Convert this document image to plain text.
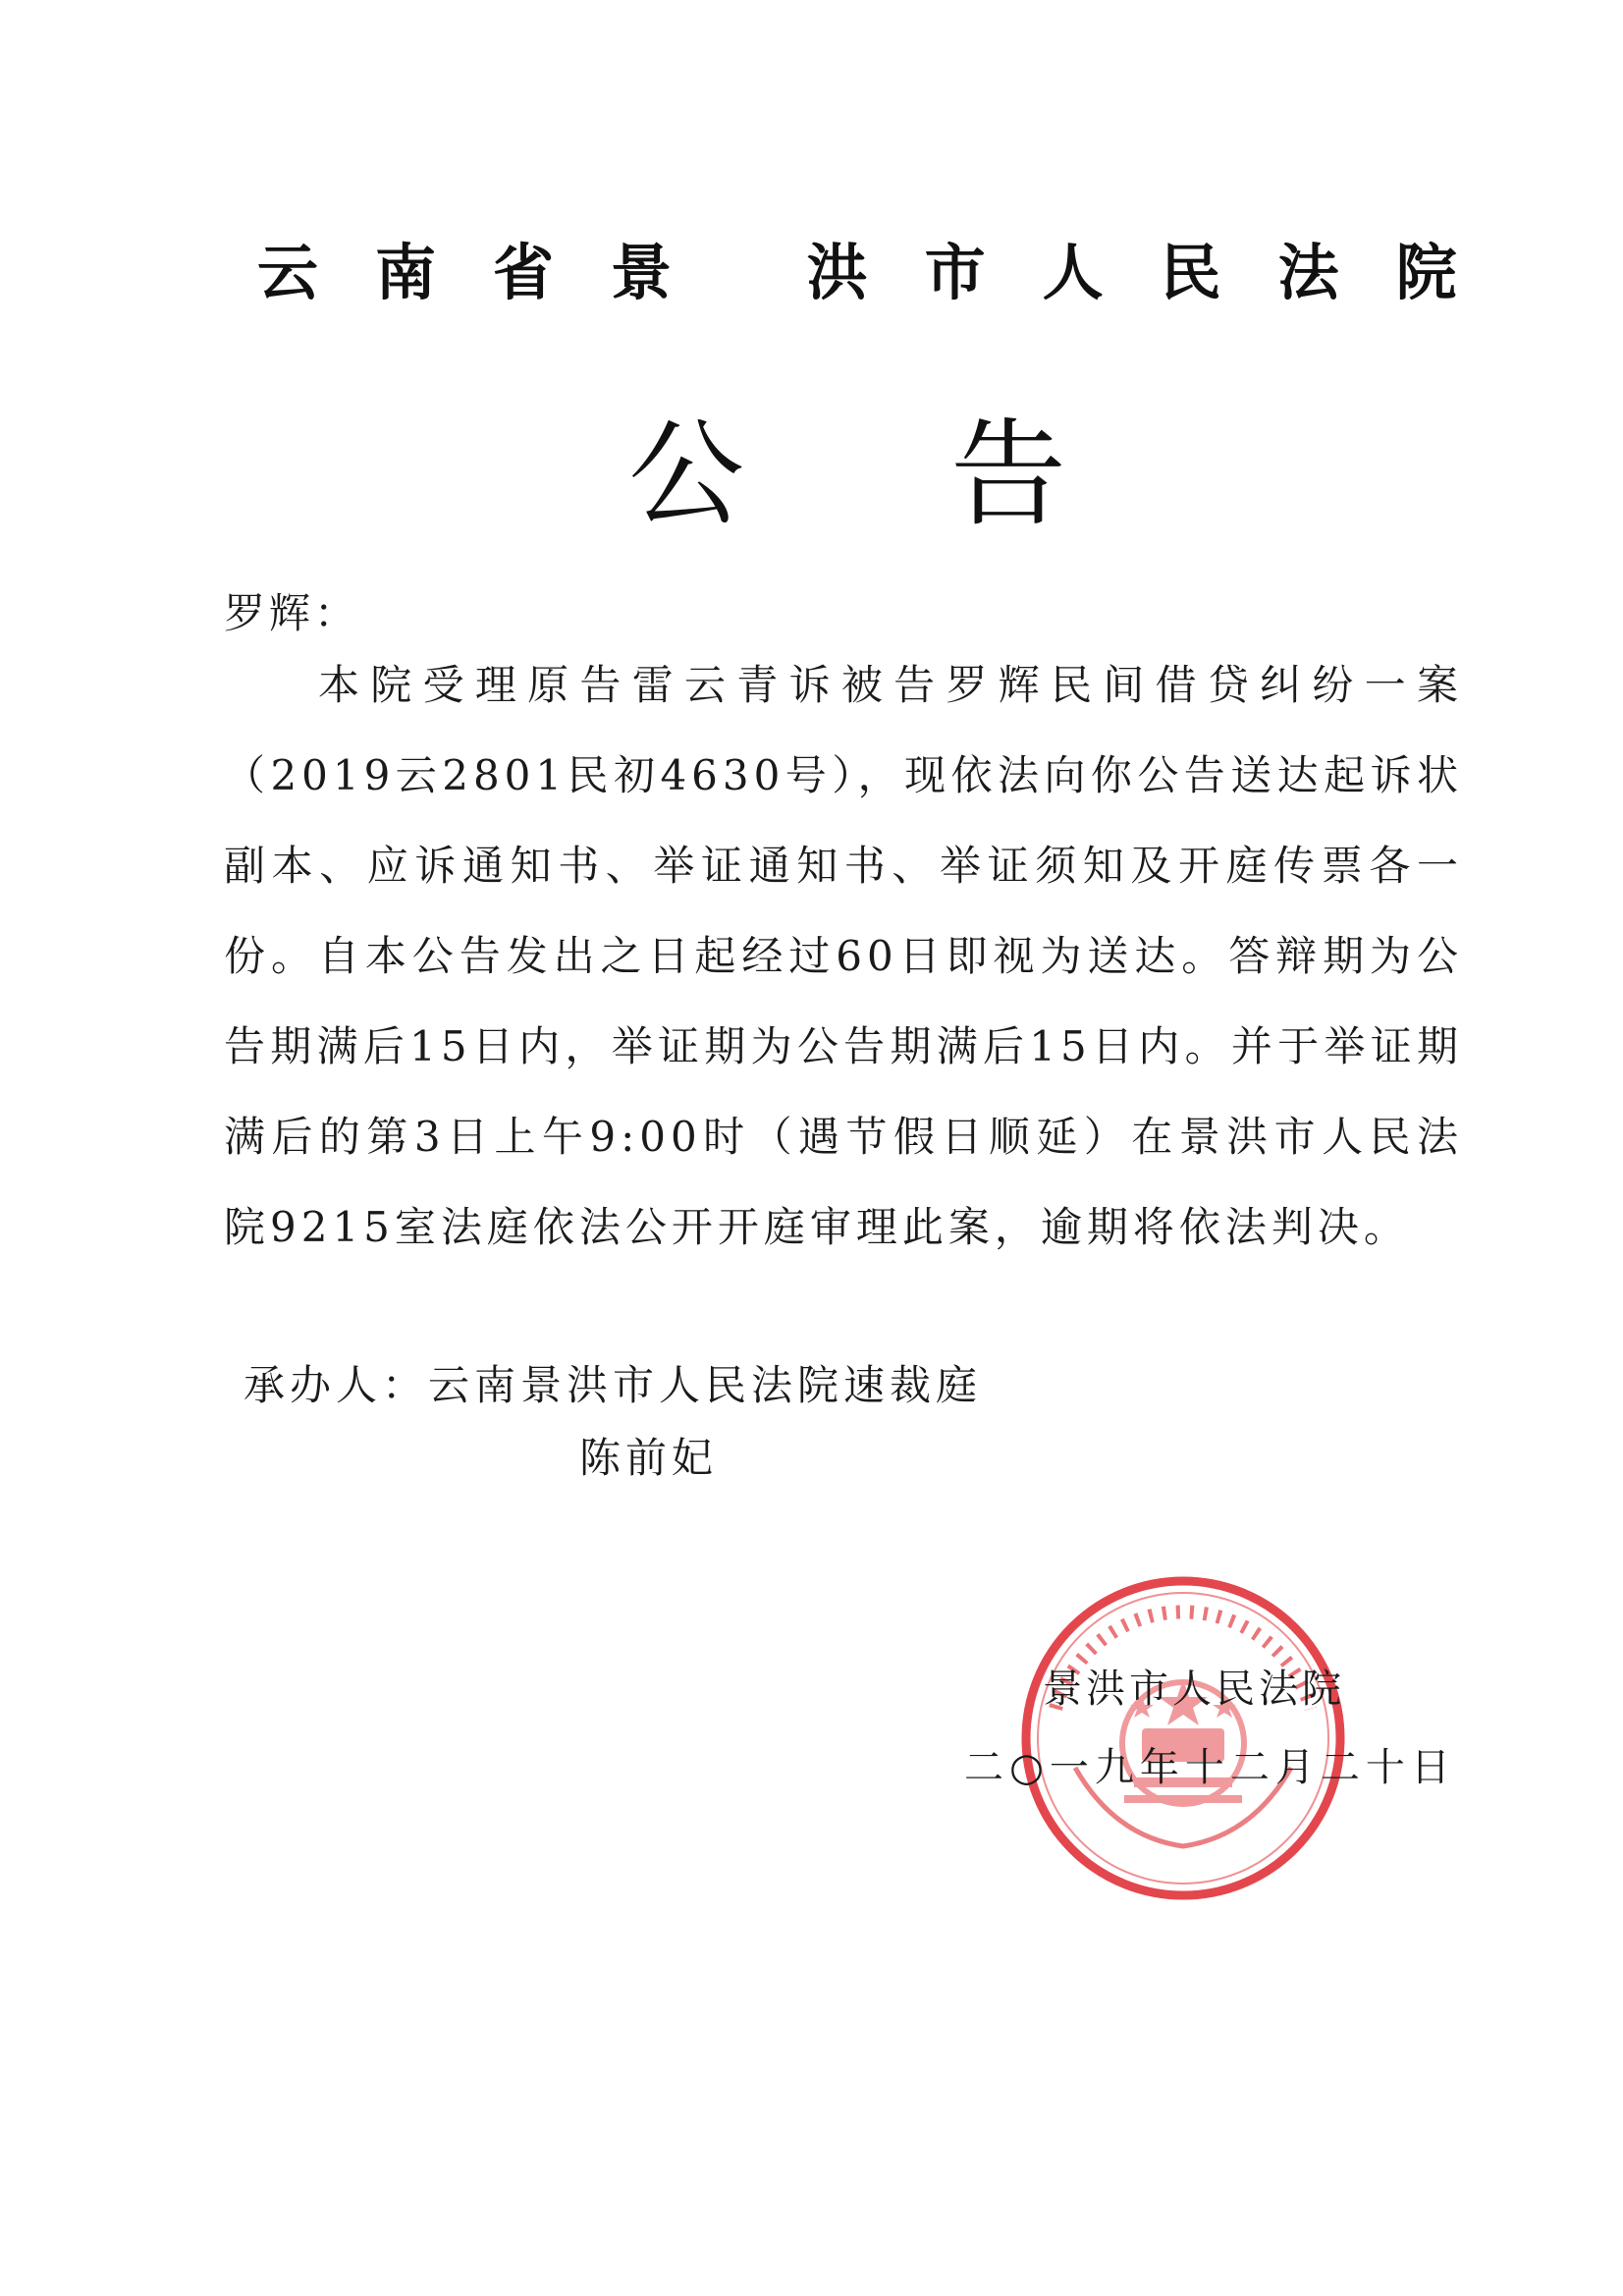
云南省景 洪市人民法院
公告
罗辉：

本院受理原告雷云青诉被告罗辉民间借贷纠纷一案（2019云2801民初4630号），现依法向你公告送达起诉状副本、应诉通知书、举证通知书、举证须知及开庭传票各一份。自本公告发出之日起经过60日即视为送达。答辩期为公告期满后15日内，举证期为公告期满后15日内。并于举证期满后的第3日上午9:00时（遇节假日顺延）在景洪市人民法院9215室法庭依法公开开庭审理此案，逾期将依法判决。

承办人：云南景洪市人民法院速裁庭
陈前妃
景洪市人民法院
二○一九年十二月二十日
